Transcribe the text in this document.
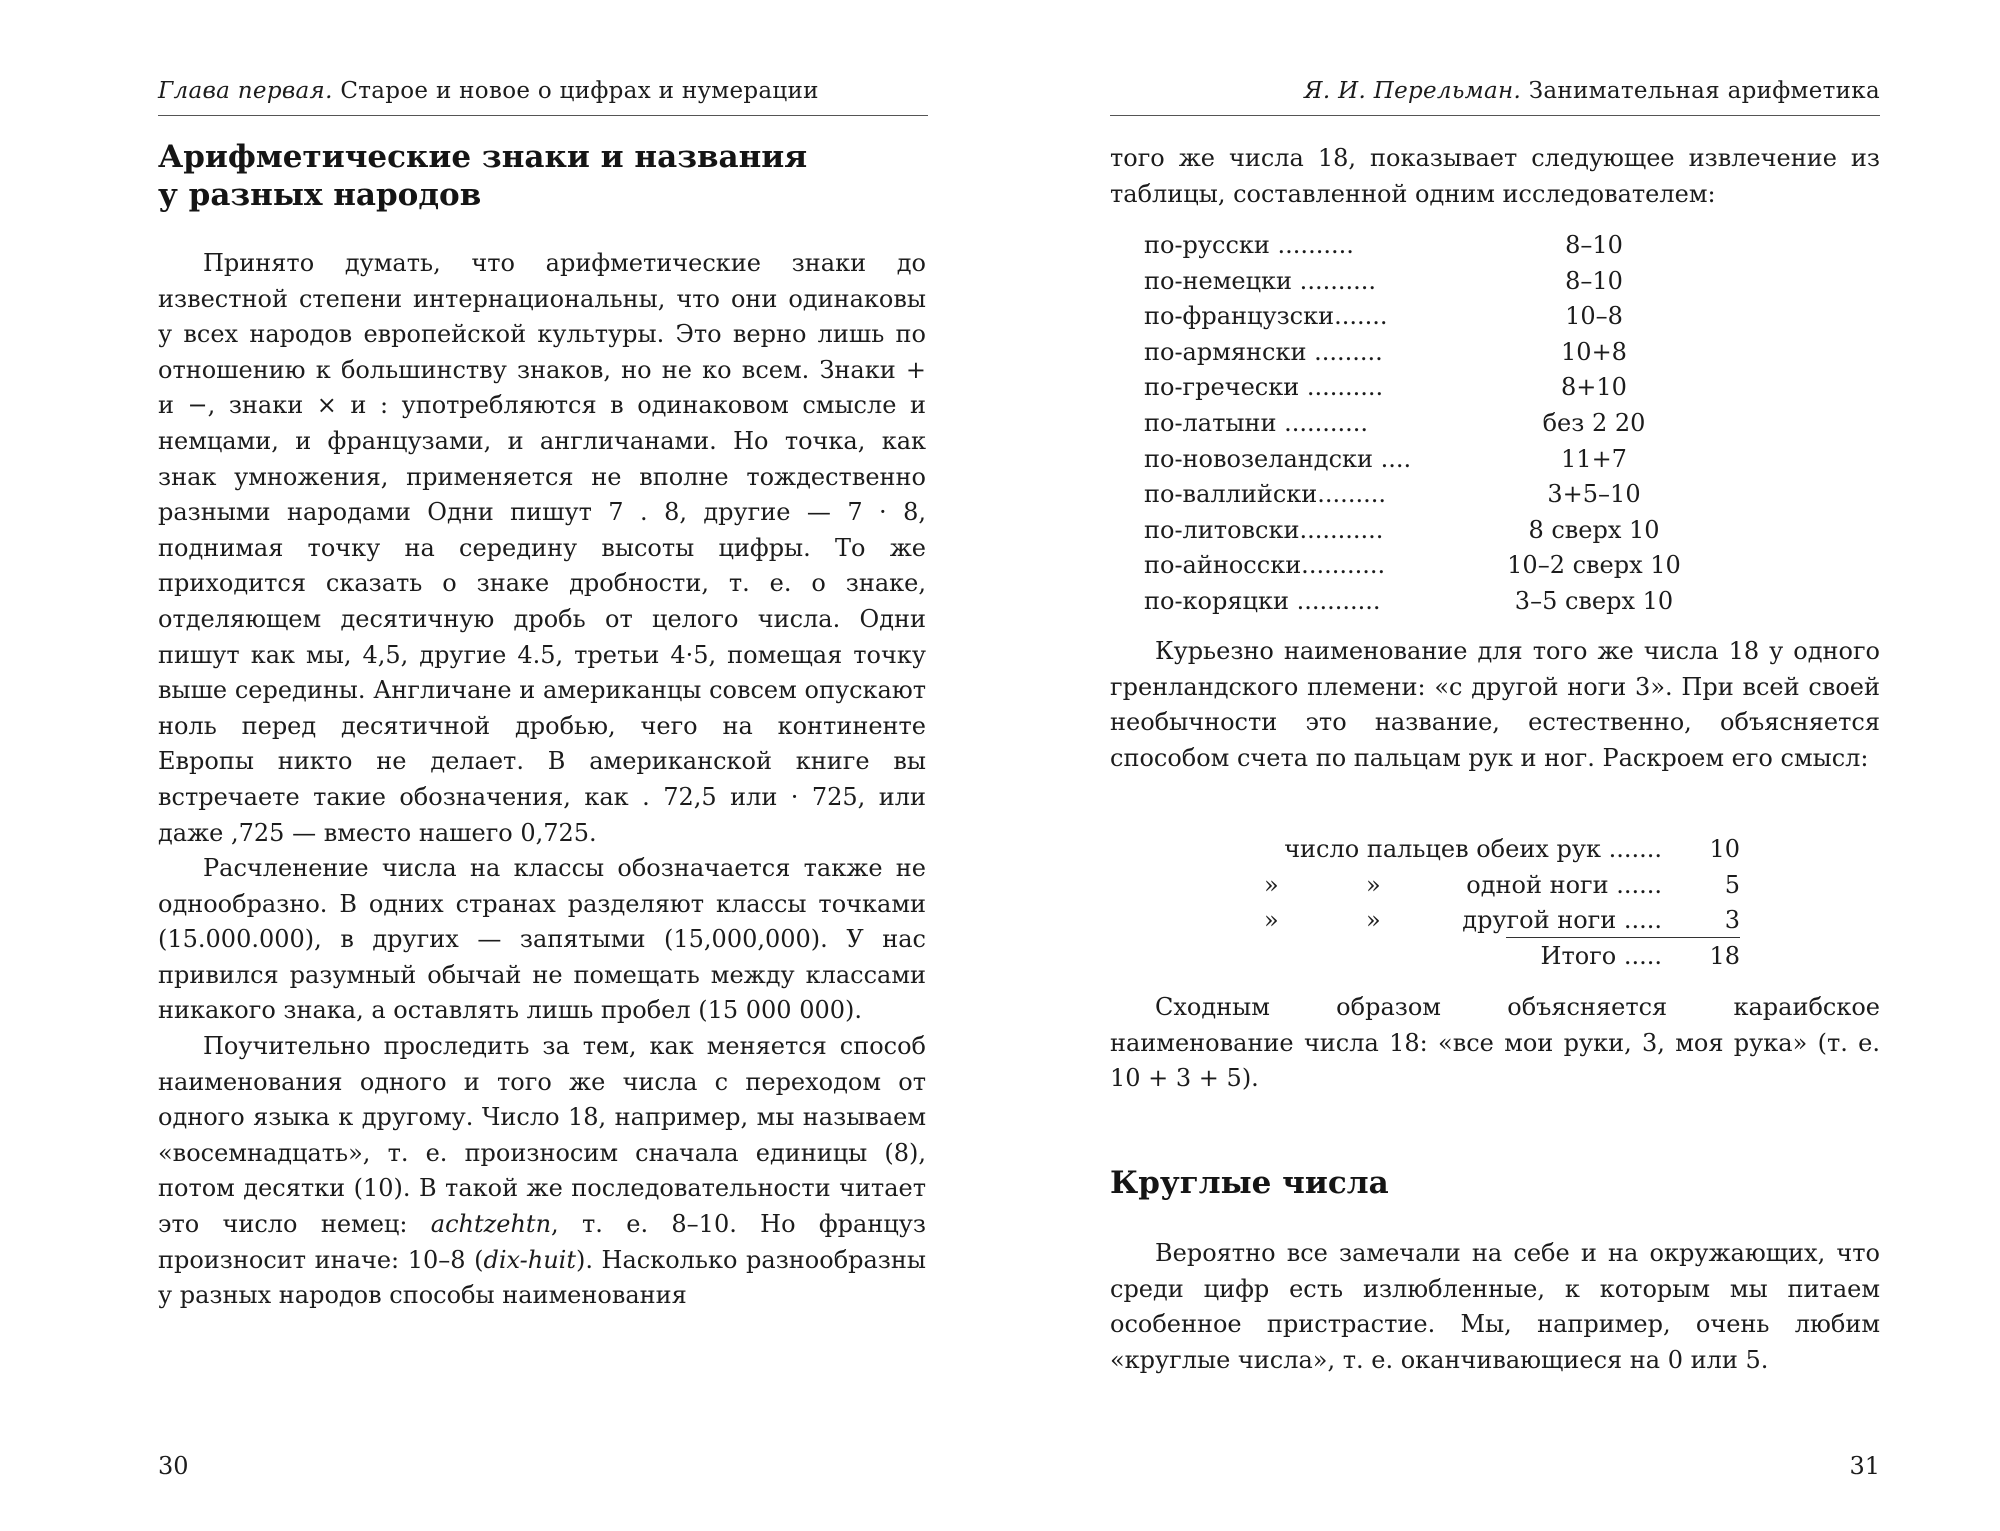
Глава первая. Старое и новое о цифрах и нумерации
Арифметические знаки и названия
у разных народов

Принято думать, что арифметические знаки до известной степени интернациональны, что они одинаковы у всех народов европейской культуры. Это верно лишь по отношению к большинству знаков, но не ко всем. Знаки + и −, знаки × и : употребляются в одинаковом смысле и немцами, и французами, и англичанами. Но точка, как знак умножения, применяется не вполне тождественно разными народами Одни пишут 7 . 8, другие — 7 · 8, поднимая точку на середину высоты цифры. То же приходится сказать о знаке дробности, т. е. о знаке, отделяющем десятичную дробь от целого числа. Одни пишут как мы, 4,5, другие 4.5, третьи 4·5, помещая точку выше середины. Англичане и американцы совсем опускают ноль перед десятичной дробью, чего на континенте Европы никто не делает. В американской книге вы встречаете такие обозначения, как . 72,5 или · 725, или даже ,725 — вместо нашего 0,725.

Расчленение числа на классы обозначается также не однообразно. В одних странах разделяют классы точками (15.000.000), в других — запятыми (15,000,000). У нас привился разумный обычай не помещать между классами никакого знака, а оставлять лишь пробел (15 000 000).

Поучительно проследить за тем, как меняется способ наименования одного и того же числа с переходом от одного языка к другому. Число 18, например, мы называем «восемнадцать», т. е. произносим сначала единицы (8), потом десятки (10). В такой же последовательности читает это число немец: achtzehtn, т. е. 8–10. Но француз произносит иначе: 10–8 (dix-huit). Насколько разнообразны у разных народов способы наименования

30
Я. И. Перельман. Занимательная арифметика

того же числа 18, показывает следующее извлечение из таблицы, составленной одним исследователем:

по-русски ..........	8–10
по-немецки ..........	8–10
по-французски.......	10–8
по-армянски .........	10+8
по-гречески ..........	8+10
по-латыни ...........	без 2 20
по-новозеландски ....	11+7
по-валлийски.........	3+5–10
по-литовски...........	8 сверх 10
по-айносски...........	10–2 сверх 10
по-коряцки ...........	3–5 сверх 10

Курьезно наименование для того же числа 18 у одного гренландского племени: «с другой ноги 3». При всей своей необычности это название, естественно, объясняется способом счета по пальцам рук и ног. Раскроем его смысл:

число пальцев обеих рук ....... 10
»	»	одной ноги ......	5
»	»	другой ноги .....	3
Итого ..... 18

Сходным образом объясняется караибское наименование числа 18: «все мои руки, 3, моя рука» (т. е. 10 + 3 + 5).

Круглые числа

Вероятно все замечали на себе и на окружающих, что среди цифр есть излюбленные, к которым мы питаем особенное пристрастие. Мы, например, очень любим «круглые числа», т. е. оканчивающиеся на 0 или 5.

31
